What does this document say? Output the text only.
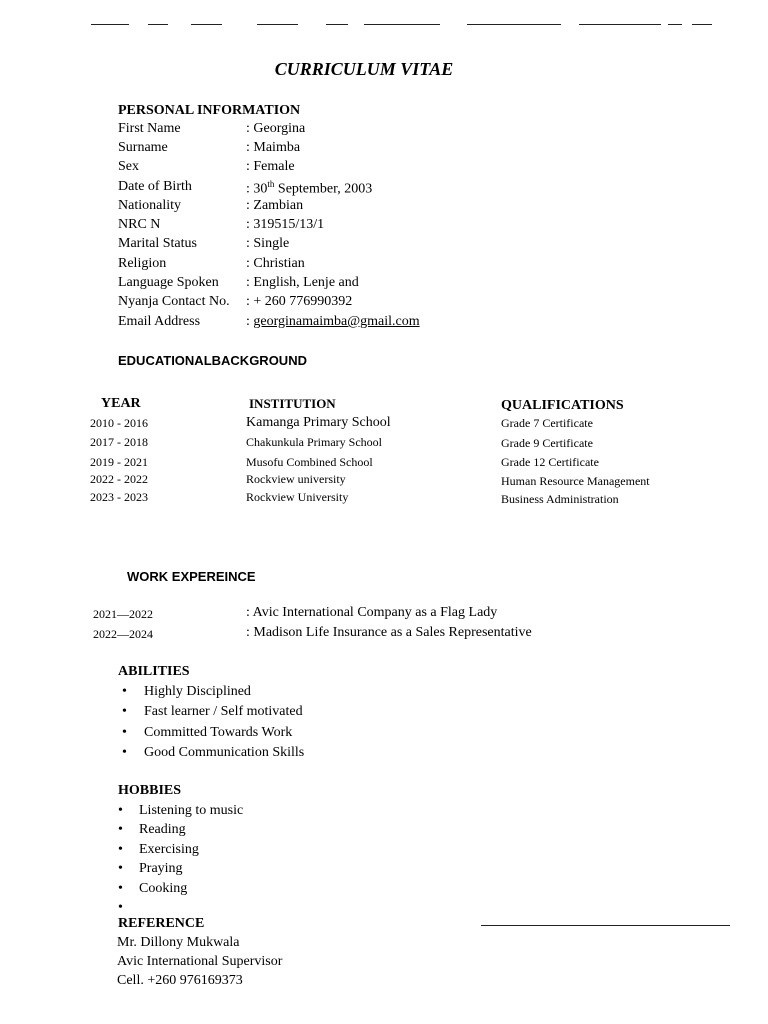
CURRICULUM VITAE
PERSONAL INFORMATION
First Name	: Georgina
Surname	: Maimba
Sex	: Female
Date of Birth	: 30th September, 2003
Nationality	: Zambian
NRC N	: 319515/13/1
Marital Status	: Single
Religion	: Christian
Language Spoken : English, Lenje and
Nyanja Contact No. : + 260 776990392
Email Address	: georginamaimba@gmail.com
EDUCATIONALBACKGROUND
YEAR	INSTITUTION	QUALIFICATIONS
2010 - 2016	Kamanga Primary School	Grade 7 Certificate
2017 - 2018	Chakunkula Primary School	Grade 9 Certificate
2019 - 2021	Musofu Combined School	Grade 12 Certificate
2022 - 2022	Rockview university	Human Resource Management
2023 - 2023	Rockview University	Business Administration
WORK EXPEREINCE
2021—2022	: Avic International Company as a Flag Lady
2022—2024	: Madison Life Insurance as a Sales Representative
ABILITIES
• Highly Disciplined
• Fast learner / Self motivated
• Committed Towards Work
• Good Communication Skills
HOBBIES
• Listening to music
• Reading
• Exercising
• Praying
• Cooking
•
REFERENCE
Mr. Dillony Mukwala
Avic International Supervisor
Cell. +260 976169373
